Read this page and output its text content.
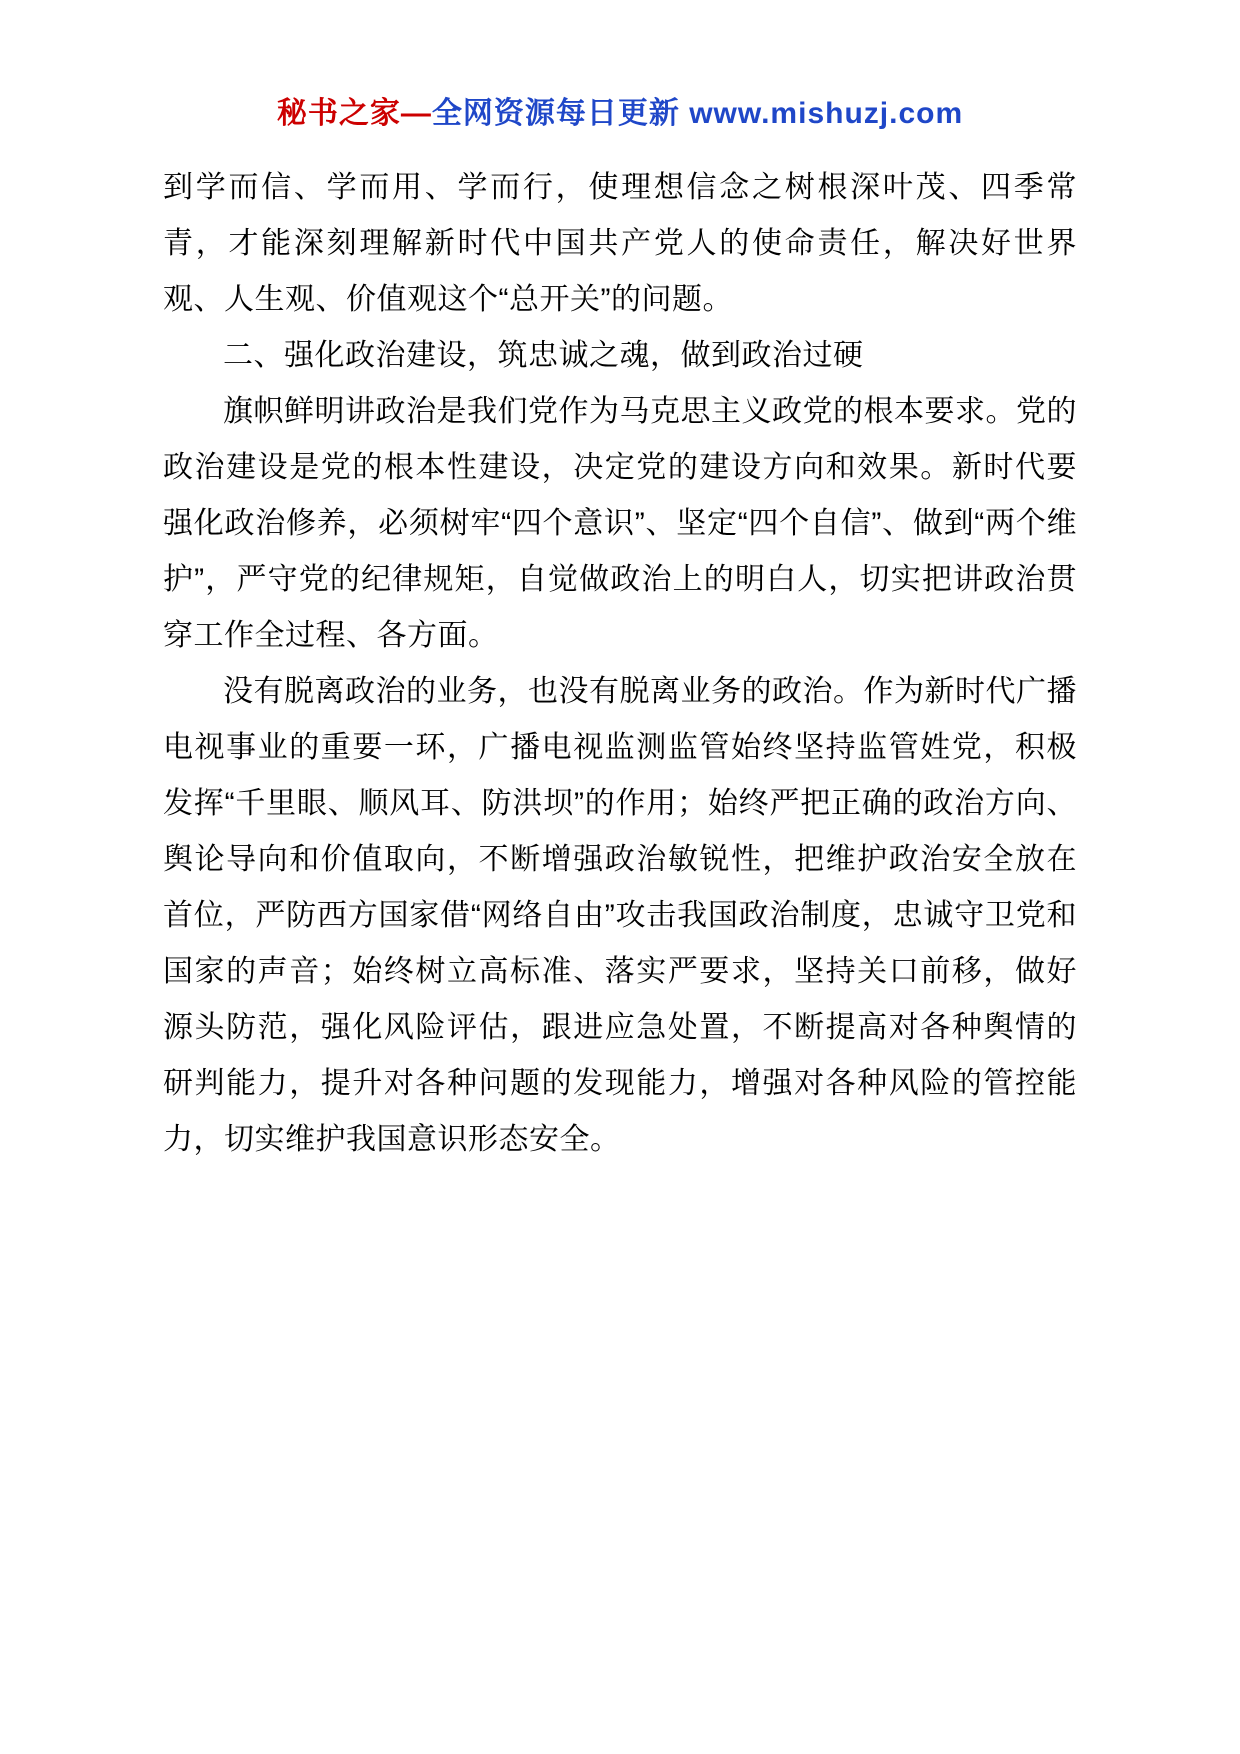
秘书之家—全网资源每日更新 www.mishuzj.com

到学而信、学而用、学而行，使理想信念之树根深叶茂、四季常青，才能深刻理解新时代中国共产党人的使命责任，解决好世界观、人生观、价值观这个“总开关”的问题。

二、强化政治建设，筑忠诚之魂，做到政治过硬

旗帜鲜明讲政治是我们党作为马克思主义政党的根本要求。党的政治建设是党的根本性建设，决定党的建设方向和效果。新时代要强化政治修养，必须树牢“四个意识”、坚定“四个自信”、做到“两个维护”，严守党的纪律规矩，自觉做政治上的明白人，切实把讲政治贯穿工作全过程、各方面。

没有脱离政治的业务，也没有脱离业务的政治。作为新时代广播电视事业的重要一环，广播电视监测监管始终坚持监管姓党，积极发挥“千里眼、顺风耳、防洪坝”的作用；始终严把正确的政治方向、舆论导向和价值取向，不断增强政治敏锐性，把维护政治安全放在首位，严防西方国家借“网络自由”攻击我国政治制度，忠诚守卫党和国家的声音；始终树立高标准、落实严要求，坚持关口前移，做好源头防范，强化风险评估，跟进应急处置，不断提高对各种舆情的研判能力，提升对各种问题的发现能力，增强对各种风险的管控能力，切实维护我国意识形态安全。
